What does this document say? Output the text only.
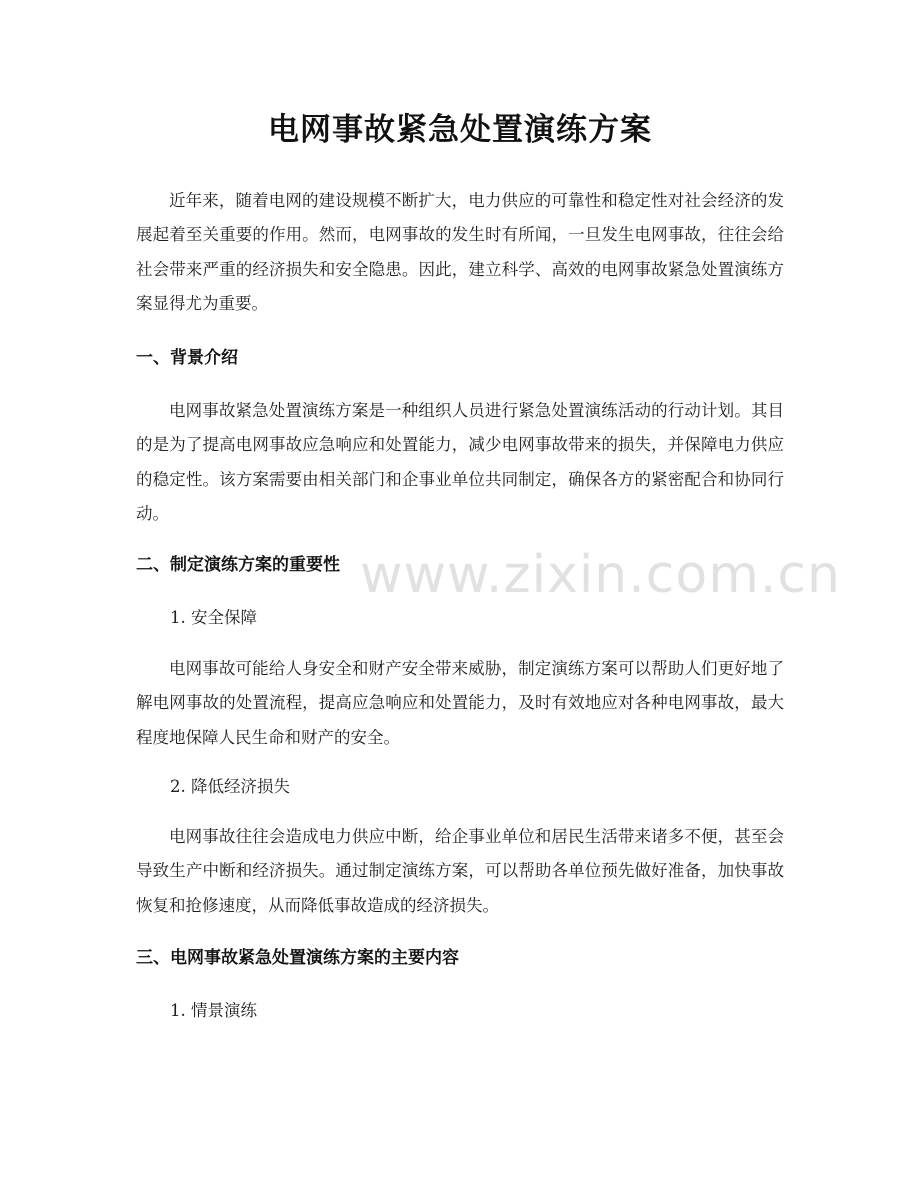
电网事故紧急处置演练方案

近年来，随着电网的建设规模不断扩大，电力供应的可靠性和稳定性对社会经济的发展起着至关重要的作用。然而，电网事故的发生时有所闻，一旦发生电网事故，往往会给社会带来严重的经济损失和安全隐患。因此，建立科学、高效的电网事故紧急处置演练方案显得尤为重要。

一、背景介绍

电网事故紧急处置演练方案是一种组织人员进行紧急处置演练活动的行动计划。其目的是为了提高电网事故应急响应和处置能力，减少电网事故带来的损失，并保障电力供应的稳定性。该方案需要由相关部门和企事业单位共同制定，确保各方的紧密配合和协同行动。

二、制定演练方案的重要性
1. 安全保障

电网事故可能给人身安全和财产安全带来威胁，制定演练方案可以帮助人们更好地了解电网事故的处置流程，提高应急响应和处置能力，及时有效地应对各种电网事故，最大程度地保障人民生命和财产的安全。

2. 降低经济损失

电网事故往往会造成电力供应中断，给企事业单位和居民生活带来诸多不便，甚至会导致生产中断和经济损失。通过制定演练方案，可以帮助各单位预先做好准备，加快事故恢复和抢修速度，从而降低事故造成的经济损失。

三、电网事故紧急处置演练方案的主要内容
1. 情景演练
www.zixin.com.cn
